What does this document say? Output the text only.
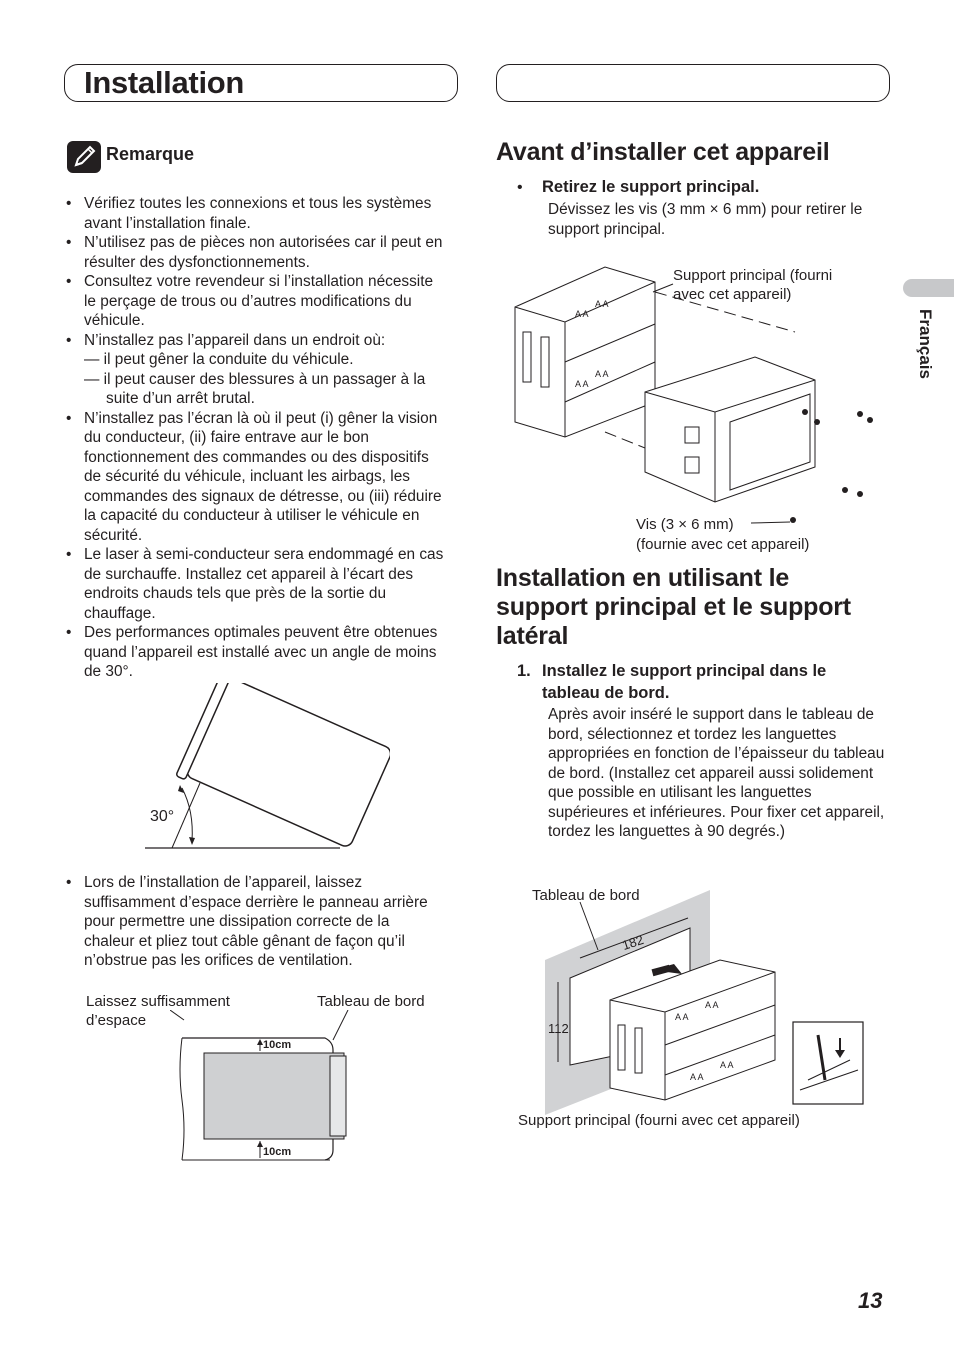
Installation
Français
Remarque
• Vérifiez toutes les connexions et tous les systèmes avant l’installation finale.
• N’utilisez pas de pièces non autorisées car il peut en résulter des dysfonctionnements.
• Consultez votre revendeur si l’installation nécessite le perçage de trous ou d’autres modifications du véhicule.
• N’installez pas l’appareil dans un endroit où:
— il peut gêner la conduite du véhicule.
— il peut causer des blessures à un passager à la suite d’un arrêt brutal.
• N’installez pas l’écran là où il peut (i) gêner la vision du conducteur, (ii) faire entrave aur le bon fonctionnement des commandes ou des dispositifs de sécurité du véhicule, incluant les airbags, les commandes des signaux de détresse, ou (iii) réduire la capacité du conducteur à utiliser le véhicule en sécurité.
• Le laser à semi-conducteur sera endommagé en cas de surchauffe. Installez cet appareil à l’écart des endroits chauds tels que près de la sortie du chauffage.
• Des performances optimales peuvent être obtenues quand l’appareil est installé avec un angle de moins de 30°.
30°
• Lors de l’installation de l’appareil, laissez suffisamment d’espace derrière le panneau arrière pour permettre une dissipation correcte de la chaleur et pliez tout câble gênant de façon qu’il n’obstrue pas les orifices de ventilation.
Laissez suffisamment d’espace
Tableau de bord
10cm
10cm
Avant d’installer cet appareil
• Retirez le support principal.
Dévissez les vis (3 mm × 6 mm) pour retirer le support principal.
A A
A A
A A
A A
Support principal (fourni avec cet appareil)
Vis (3 × 6 mm)
(fournie avec cet appareil)
Installation en utilisant le support principal et le support latéral
1. Installez le support principal dans le tableau de bord.
Après avoir inséré le support dans le tableau de bord, sélectionnez et tordez les languettes appropriées en fonction de l’épaisseur du tableau de bord. (Installez cet appareil aussi solidement que possible en utilisant les languettes supérieures et inférieures. Pour fixer cet appareil, tordez les languettes à 90 degrés.)
Tableau de bord
A A
A A
A A
A A
182
112
Support principal (fourni avec cet appareil)
13
